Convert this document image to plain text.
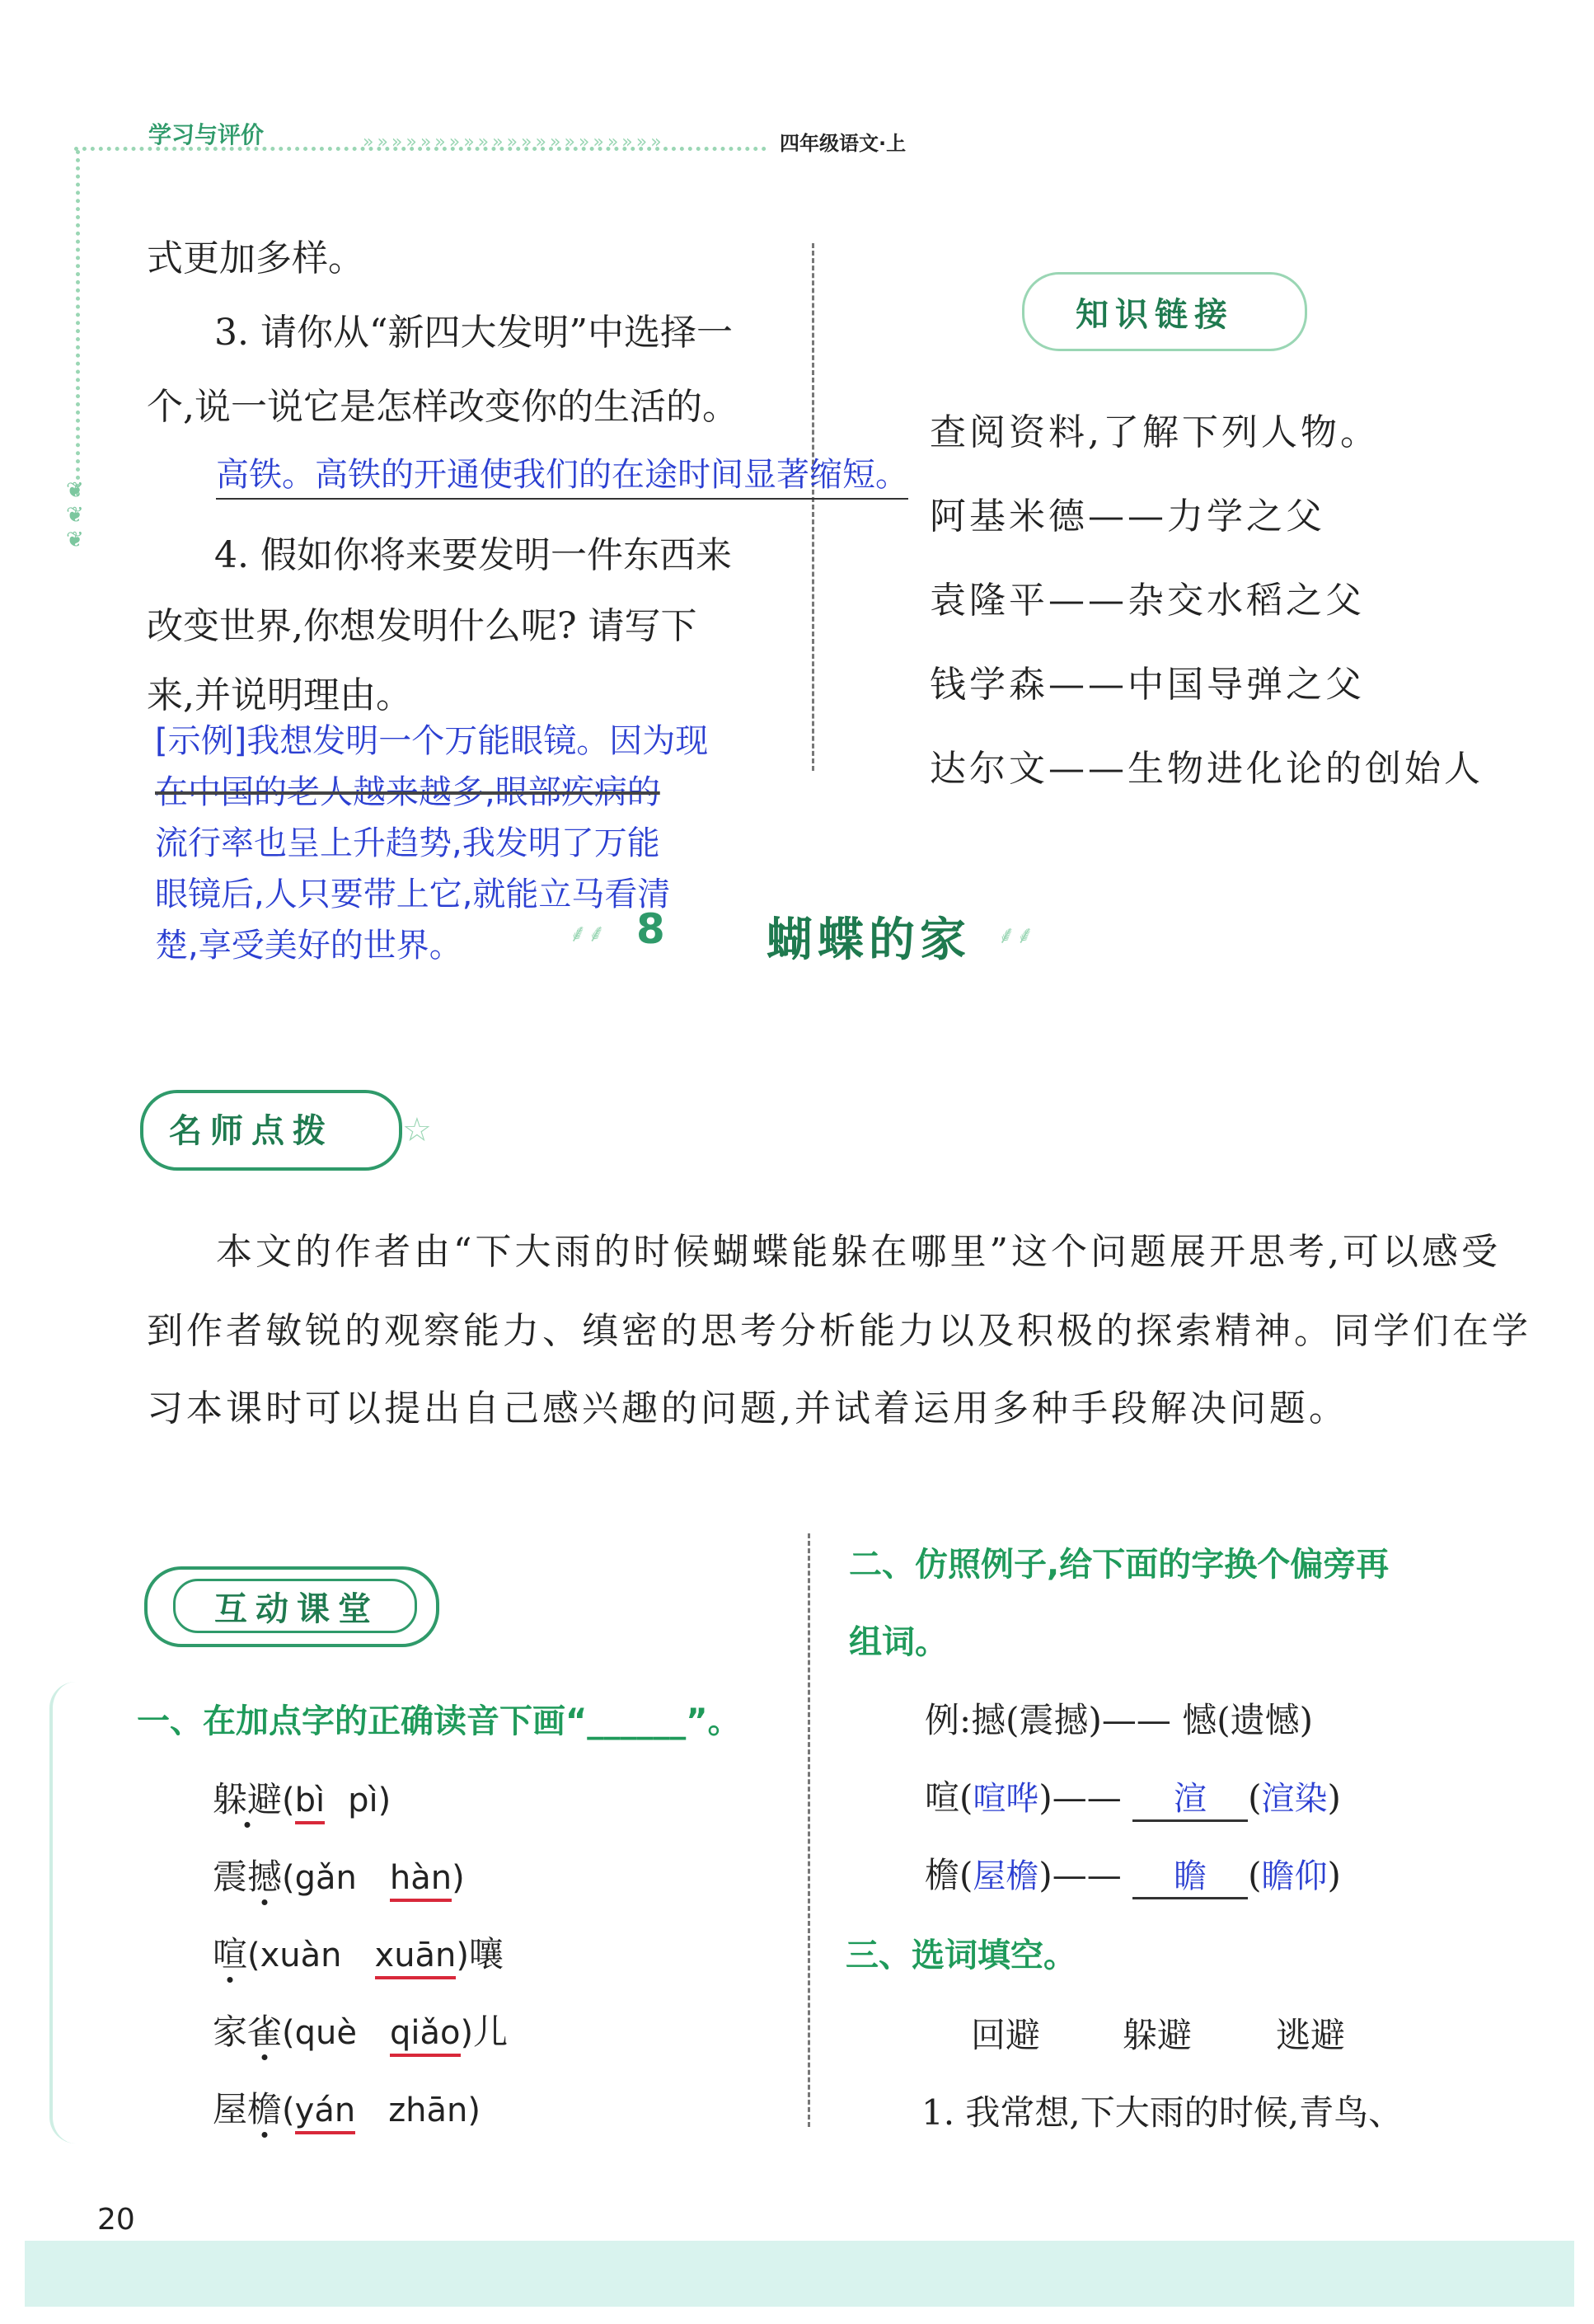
学习与评价	»»»»»»»»»»»»»»»»»»»»»	四年级语文·上
❦
❦
❦
式更加多样。
3. 请你从“新四大发明”中选择一
个,说一说它是怎样改变你的生活的。
高铁。高铁的开通使我们的在途时间显著缩短。
4. 假如你将来要发明一件东西来
改变世界,你想发明什么呢? 请写下
来,并说明理由。
[示例]我想发明一个万能眼镜。因为现
在中国的老人越来越多,眼部疾病的
流行率也呈上升趋势,我发明了万能
眼镜后,人只要带上它,就能立马看清
楚,享受美好的世界。
知识链接
查阅资料,了解下列人物。
阿基米德——力学之父
袁隆平——杂交水稻之父
钱学森——中国导弹之父
达尔文——生物进化论的创始人
⸙⸙ 8 蝴蝶的家 ⸙⸙
名师点拨 ☆
本文的作者由“下大雨的时候蝴蝶能躲在哪里”这个问题展开思考,可以感受
到作者敏锐的观察能力、缜密的思考分析能力以及积极的探索精神。同学们在学
习本课时可以提出自己感兴趣的问题,并试着运用多种手段解决问题。
互动课堂
一、在加点字的正确读音下画“______”。
躲避(bì pì)
震撼(gǎn hàn)
喧(xuàn xuān)嚷
家雀(què qiǎo)儿
屋檐(yán zhān)
二、仿照例子,给下面的字换个偏旁再
组词。
例:撼(震撼)—— 憾(遗憾)
喧(喧哗)—— 渲 (渲染)
檐(屋檐)—— 瞻 (瞻仰)
三、选词填空。
回避 躲避 逃避
1. 我常想,下大雨的时候,青鸟、
20
